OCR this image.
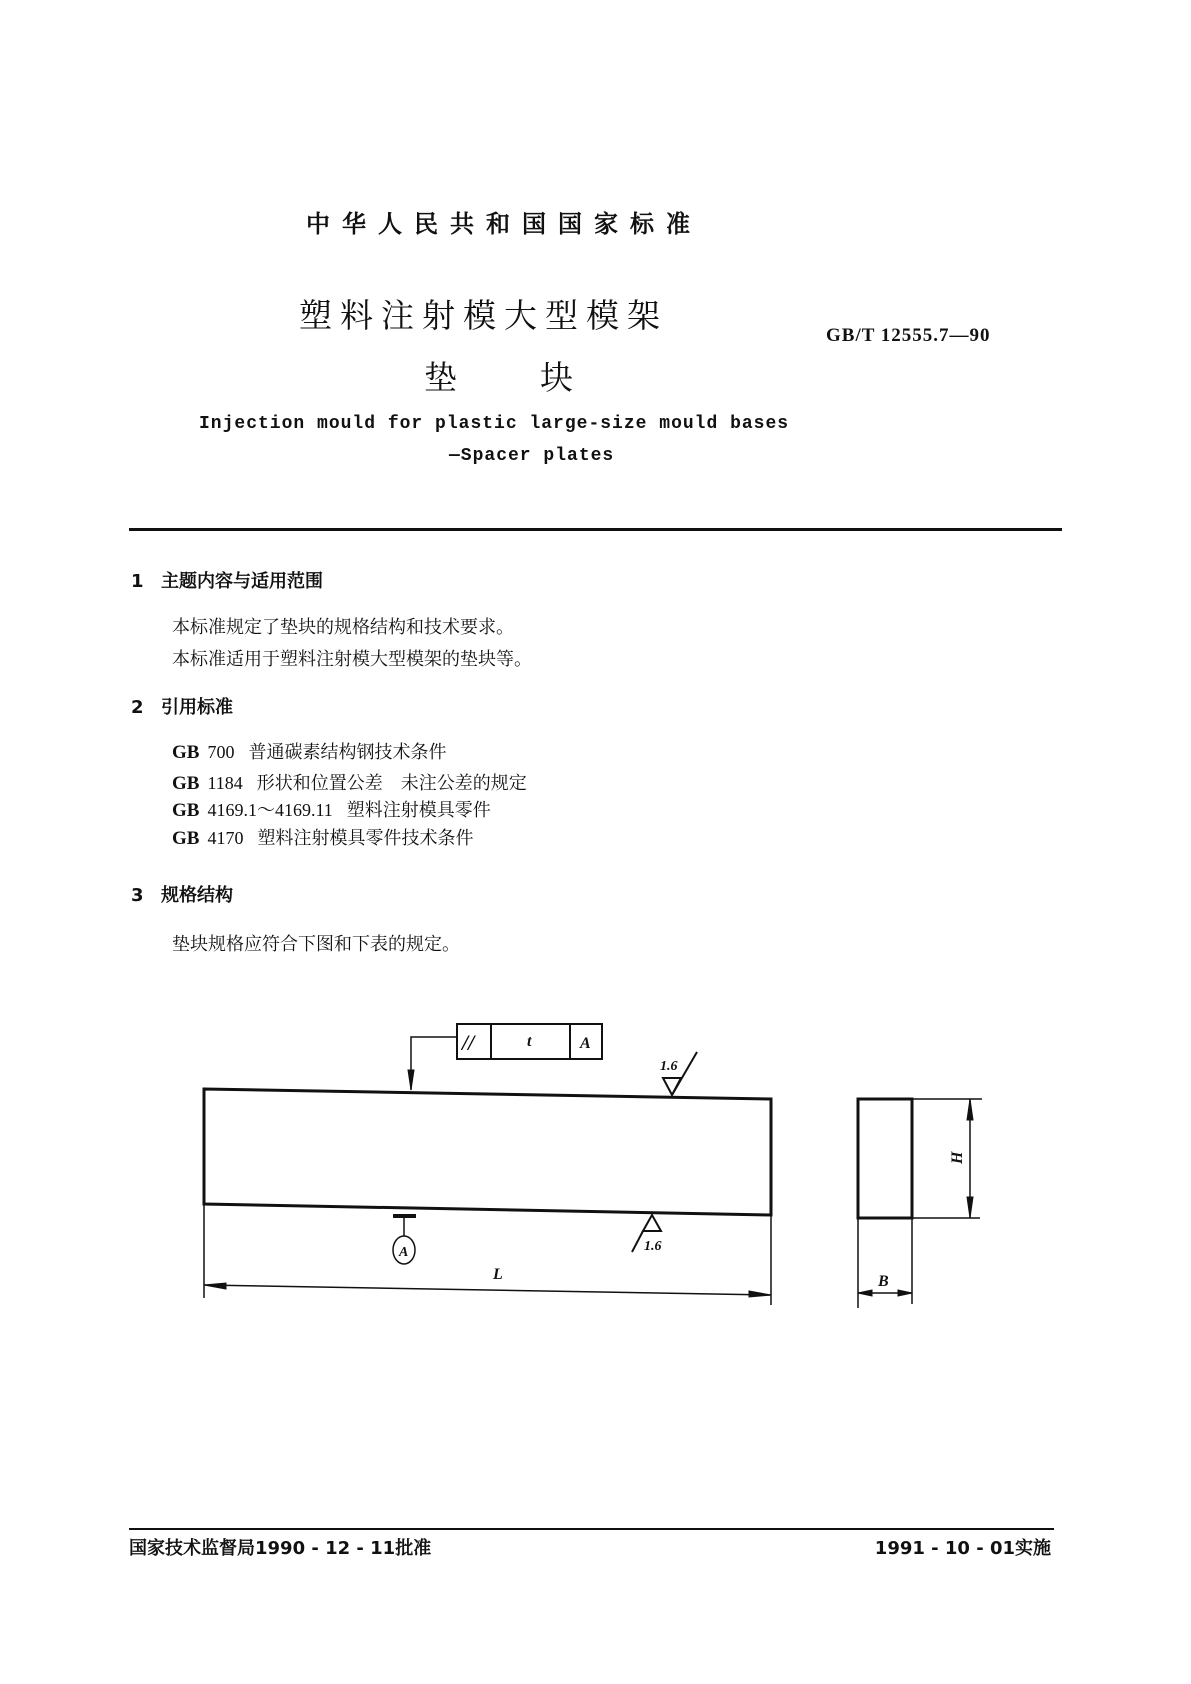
中华人民共和国国家标准
塑料注射模大型模架
垫 块
GB/T 12555.7—90
Injection mould for plastic large-size mould bases
—Spacer plates
1 主题内容与适用范围
本标准规定了垫块的规格结构和技术要求。
本标准适用于塑料注射模大型模架的垫块等。
2 引用标准
GB 700 普通碳素结构钢技术条件
GB 1184 形状和位置公差　未注公差的规定
GB 4169.1～4169.11 塑料注射模具零件
GB 4170 塑料注射模具零件技术条件
3 规格结构
垫块规格应符合下图和下表的规定。
//	t	A
L
1.6
1.6
A
H
B
国家技术监督局1990 - 12 - 11批准	1991 - 10 - 01实施
